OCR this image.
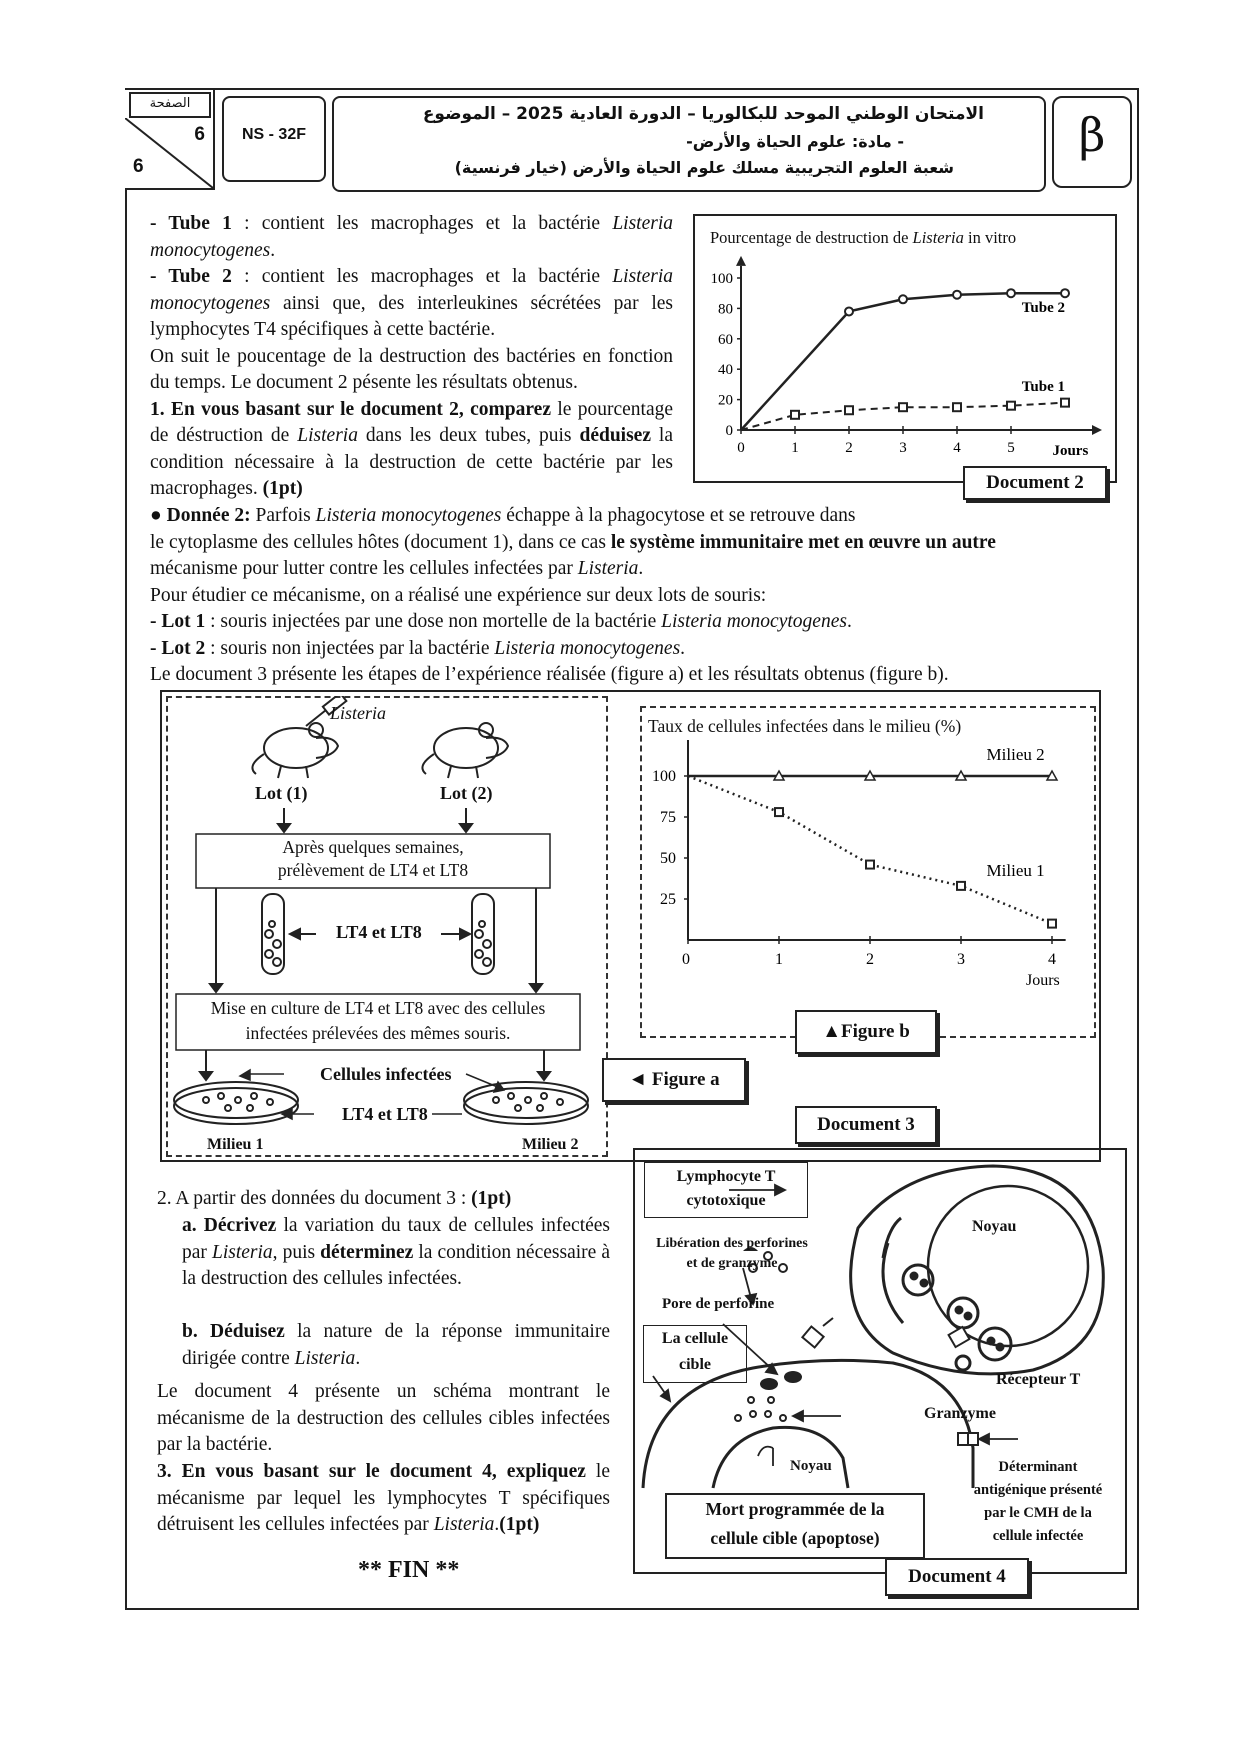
الصفحة
6
6
NS - 32F
الامتحان الوطني الموحد للبكالوريا – الدورة العادية 2025 – الموضوع
- مادة: علوم الحياة والأرض-
شعبة العلوم التجريبية مسلك علوم الحياة والأرض (خيار فرنسية)
β

- Tube 1 : contient les macrophages et la bactérie Listeria monocytogenes.

- Tube 2 : contient les macrophages et la bactérie Listeria monocytogenes ainsi que, des interleukines sécrétées par les lymphocytes T4 spécifiques à cette bactérie.

On suit le poucentage de la destruction des bactéries en fonction du temps. Le document 2 pésente les résultats obtenus.

1. En vous basant sur le document 2, comparez le pourcentage de déstruction de Listeria dans les deux tubes, puis déduisez la condition nécessaire à la destruction de cette bactérie par les macrophages. (1pt)

Pourcentage de destruction de Listeria in vitro
0
20
40
60
80
100
0	1	2	3	4	5	Jours
Tube 2
Tube 1
Document 2

● Donnée 2: Parfois Listeria monocytogenes échappe à la phagocytose et se retrouve dans

le cytoplasme des cellules hôtes (document 1), dans ce cas le système immunitaire met en œuvre un autre

mécanisme pour lutter contre les cellules infectées par Listeria.

Pour étudier ce mécanisme, on a réalisé une expérience sur deux lots de souris:

- Lot 1 : souris injectées par une dose non mortelle de la bactérie Listeria monocytogenes.

- Lot 2 : souris non injectées par la bactérie Listeria monocytogenes.

Le document 3 présente les étapes de l’expérience réalisée (figure a) et les résultats obtenus (figure b).

Listeria
Lot (1)	Lot (2)
Après quelques semaines,
prélèvement de LT4 et LT8
LT4 et LT8
Mise en culture de LT4 et LT8 avec des cellules
infectées prélevées des mêmes souris.
Cellules infectées
LT4 et LT8
Milieu 1	Milieu 2
◄ Figure a
Taux de cellules infectées dans le milieu (%)
25
50
75
100
0	1	2	3	4
Jours
Milieu 2
Milieu 1
▲Figure b
Document 3
2. A partir des données du document 3 : (1pt)
a. Décrivez la variation du taux de cellules infectées par Listeria, puis déterminez la condition nécessaire à la destruction des cellules infectées.
b. Déduisez la nature de la réponse immunitaire dirigée contre Listeria.
Le document 4 présente un schéma montrant le mécanisme de la destruction des cellules cibles infectées par la bactérie.
3. En vous basant sur le document 4, expliquez le mécanisme par lequel les lymphocytes T spécifiques détruisent les cellules infectées par Listeria.(1pt)
** FIN **
Lymphocyte T
cytotoxique
Noyau
Libération des perforines
et de granzyme
Pore de perforine
La cellule
cible
Récepteur T
Granzyme
Noyau	Déterminant
antigénique présenté
par le CMH de la
cellule infectée
Mort programmée de la
cellule cible (apoptose)
Document 4
